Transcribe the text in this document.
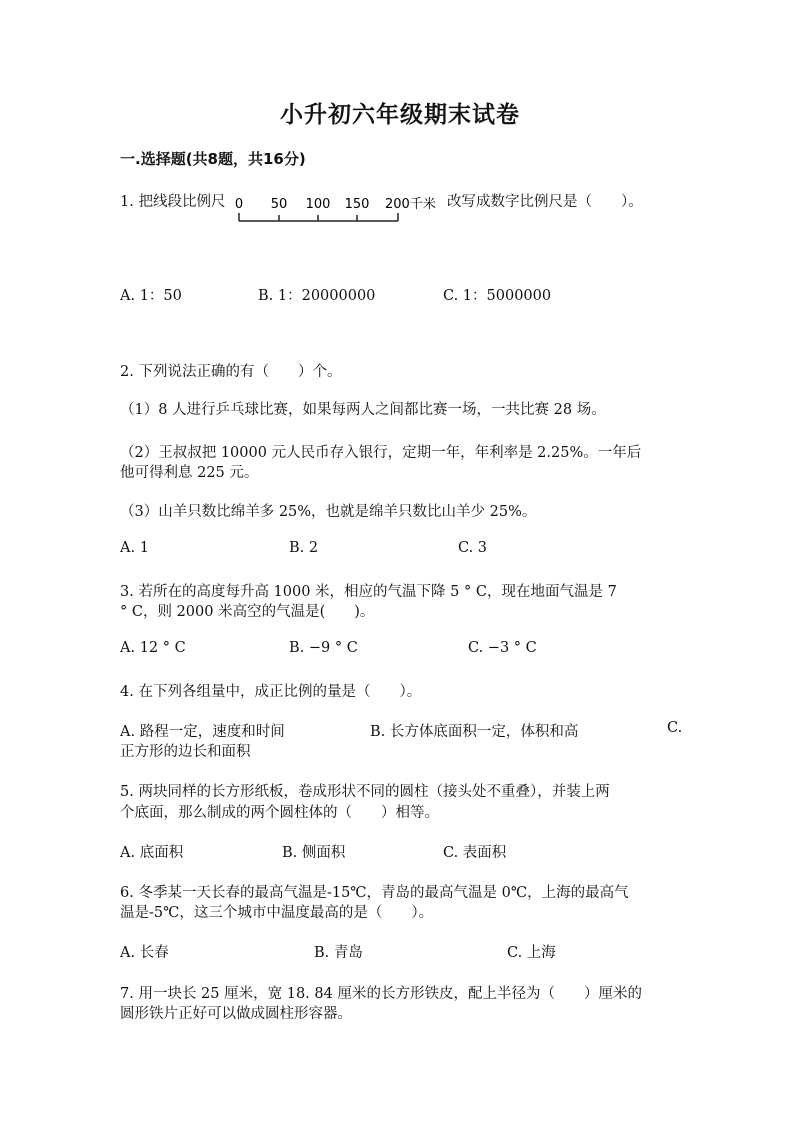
小升初六年级期末试卷
一.选择题(共8题，共16分)
1. 把线段比例尺 0 50 100 150 200千米 改写成数字比例尺是（　　）。
A. 1：50	B. 1：20000000	C. 1：5000000
2. 下列说法正确的有（　　）个。
（1）8 人进行乒乓球比赛，如果每两人之间都比赛一场，一共比赛 28 场。
（2）王叔叔把 10000 元人民币存入银行，定期一年，年利率是 2.25%。一年后
他可得利息 225 元。
（3）山羊只数比绵羊多 25%，也就是绵羊只数比山羊少 25%。
A. 1	B. 2	C. 3
3. 若所在的高度每升高 1000 米，相应的气温下降 5 ° C，现在地面气温是 7
° C，则 2000 米高空的气温是(　　)。
A. 12 ° C	B. −9 ° C	C. −3 ° C
4. 在下列各组量中，成正比例的量是（　　）。
A. 路程一定，速度和时间	B. 长方体底面积一定，体积和高	C.
正方形的边长和面积
5. 两块同样的长方形纸板，卷成形状不同的圆柱（接头处不重叠），并装上两
个底面，那么制成的两个圆柱体的（　　）相等。
A. 底面积	B. 侧面积	C. 表面积
6. 冬季某一天长春的最高气温是-15℃，青岛的最高气温是 0℃，上海的最高气
温是-5℃，这三个城市中温度最高的是（　　）。
A. 长春	B. 青岛	C. 上海
7. 用一块长 25 厘米，宽 18. 84 厘米的长方形铁皮，配上半径为（　　）厘米的
圆形铁片正好可以做成圆柱形容器。
